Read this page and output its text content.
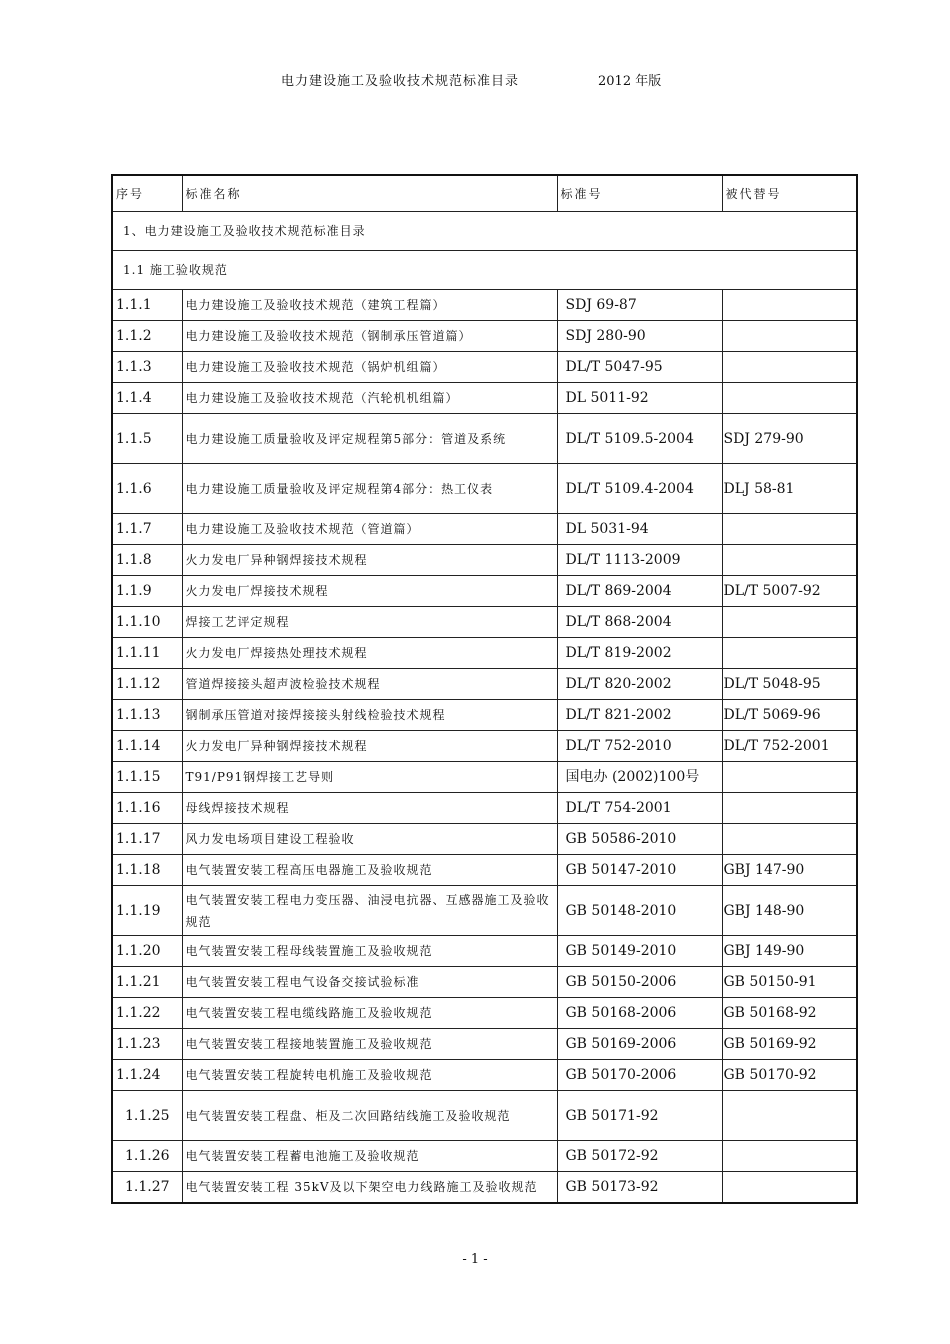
电力建设施工及验收技术规范标准目录	2012 年版
序号	标准名称	标准号	被代替号
1、电力建设施工及验收技术规范标准目录			
1.1 施工验收规范			
1.1.1	电力建设施工及验收技术规范（建筑工程篇）	SDJ 69-87	
1.1.2	电力建设施工及验收技术规范（钢制承压管道篇）	SDJ 280-90	
1.1.3	电力建设施工及验收技术规范（锅炉机组篇）	DL/T 5047-95	
1.1.4	电力建设施工及验收技术规范（汽轮机机组篇）	DL 5011-92	
1.1.5	电力建设施工质量验收及评定规程第5部分：管道及系统	DL/T 5109.5-2004	SDJ 279-90
1.1.6	电力建设施工质量验收及评定规程第4部分：热工仪表	DL/T 5109.4-2004	DLJ 58-81
1.1.7	电力建设施工及验收技术规范（管道篇）	DL 5031-94	
1.1.8	火力发电厂异种钢焊接技术规程	DL/T 1113-2009	
1.1.9	火力发电厂焊接技术规程	DL/T 869-2004	DL/T 5007-92
1.1.10	焊接工艺评定规程	DL/T 868-2004	
1.1.11	火力发电厂焊接热处理技术规程	DL/T 819-2002	
1.1.12	管道焊接接头超声波检验技术规程	DL/T 820-2002	DL/T 5048-95
1.1.13	钢制承压管道对接焊接接头射线检验技术规程	DL/T 821-2002	DL/T 5069-96
1.1.14	火力发电厂异种钢焊接技术规程	DL/T 752-2010	DL/T 752-2001
1.1.15	T91/P91钢焊接工艺导则	国电办 (2002)100号	
1.1.16	母线焊接技术规程	DL/T 754-2001	
1.1.17	风力发电场项目建设工程验收	GB 50586-2010	
1.1.18	电气装置安装工程高压电器施工及验收规范	GB 50147-2010	GBJ 147-90
1.1.19	电气装置安装工程电力变压器、油浸电抗器、互感器施工及验收规范	GB 50148-2010	GBJ 148-90
1.1.20	电气装置安装工程母线装置施工及验收规范	GB 50149-2010	GBJ 149-90
1.1.21	电气装置安装工程电气设备交接试验标准	GB 50150-2006	GB 50150-91
1.1.22	电气装置安装工程电缆线路施工及验收规范	GB 50168-2006	GB 50168-92
1.1.23	电气装置安装工程接地装置施工及验收规范	GB 50169-2006	GB 50169-92
1.1.24	电气装置安装工程旋转电机施工及验收规范	GB 50170-2006	GB 50170-92
1.1.25	电气装置安装工程盘、柜及二次回路结线施工及验收规范	GB 50171-92	
1.1.26	电气装置安装工程蓄电池施工及验收规范	GB 50172-92	
1.1.27	电气装置安装工程 35kV及以下架空电力线路施工及验收规范	GB 50173-92	
- 1 -
